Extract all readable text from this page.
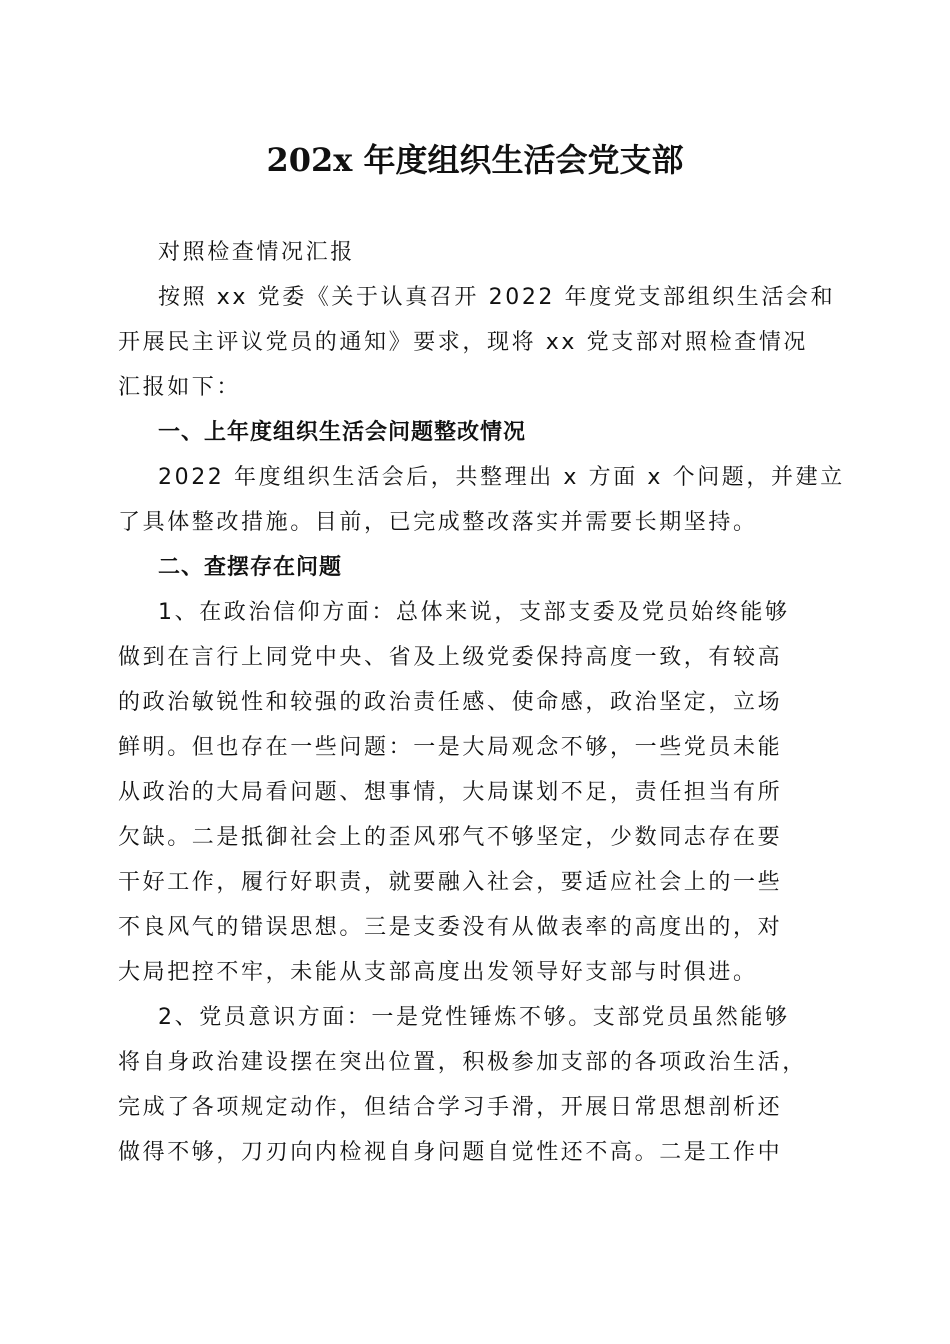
202x 年度组织生活会党支部
对照检查情况汇报
按照 xx 党委《关于认真召开 2022 年度党支部组织生活会和
开展民主评议党员的通知》要求，现将 xx 党支部对照检查情况
汇报如下：
一、上年度组织生活会问题整改情况
2022 年度组织生活会后，共整理出 x 方面 x 个问题，并建立
了具体整改措施。目前，已完成整改落实并需要长期坚持。
二、查摆存在问题
1、在政治信仰方面：总体来说，支部支委及党员始终能够
做到在言行上同党中央、省及上级党委保持高度一致，有较高
的政治敏锐性和较强的政治责任感、使命感，政治坚定，立场
鲜明。但也存在一些问题：一是大局观念不够，一些党员未能
从政治的大局看问题、想事情，大局谋划不足，责任担当有所
欠缺。二是抵御社会上的歪风邪气不够坚定，少数同志存在要
干好工作，履行好职责，就要融入社会，要适应社会上的一些
不良风气的错误思想。三是支委没有从做表率的高度出的，对
大局把控不牢，未能从支部高度出发领导好支部与时俱进。
2、党员意识方面：一是党性锤炼不够。支部党员虽然能够
将自身政治建设摆在突出位置，积极参加支部的各项政治生活，
完成了各项规定动作，但结合学习手滑，开展日常思想剖析还
做得不够，刀刃向内检视自身问题自觉性还不高。二是工作中
